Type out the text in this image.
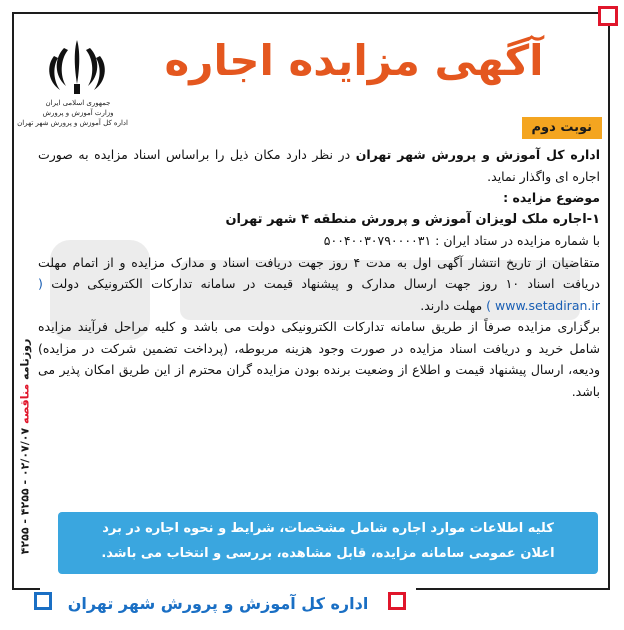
جمهوری اسلامی ایران
وزارت آموزش و پرورش
اداره کل آموزش و پرورش شهر تهران
آگهی مزایده اجاره
نوبت دوم

اداره کل آموزش و پرورش شهر تهران در نظر دارد مکان ذیل را براساس اسناد مزایده به صورت اجاره ای واگذار نماید.

موضوع مزایده :

۱-اجاره ملک لویزان آموزش و پرورش منطقه ۴ شهر تهران

با شماره مزایده در ستاد ایران : ۵۰۰۴۰۰۳۰۷۹۰۰۰۰۳۱

متقاضیان از تاریخ انتشار آگهی اول به مدت ۴ روز جهت دریافت اسناد و مدارک مزایده و از اتمام مهلت دریافت اسناد ۱۰ روز جهت ارسال مدارک و پیشنهاد قیمت در سامانه تدارکات الکترونیکی دولت ( www.setadiran.ir ) مهلت دارند.

برگزاری مزایده صرفاً از طریق سامانه تدارکات الکترونیکی دولت می باشد و کلیه مراحل فرآیند مزایده شامل خرید و دریافت اسناد مزایده در صورت وجود هزینه مربوطه، (پرداخت تضمین شرکت در مزایده) ودیعه، ارسال پیشنهاد قیمت و اطلاع از وضعیت برنده بودن مزایده گران محترم از این طریق امکان پذیر می باشد.

روزنامه مناقصه ۰۲/۰۷/۰۷ - ۴۲۵۵ - ۴۲۵۵
کلیه اطلاعات موارد اجاره شامل مشخصات، شرایط و نحوه اجاره در برد
اعلان عمومی سامانه مزایده، قابل مشاهده، بررسی و انتخاب می باشد.
اداره کل آموزش و پرورش شهر تهران
